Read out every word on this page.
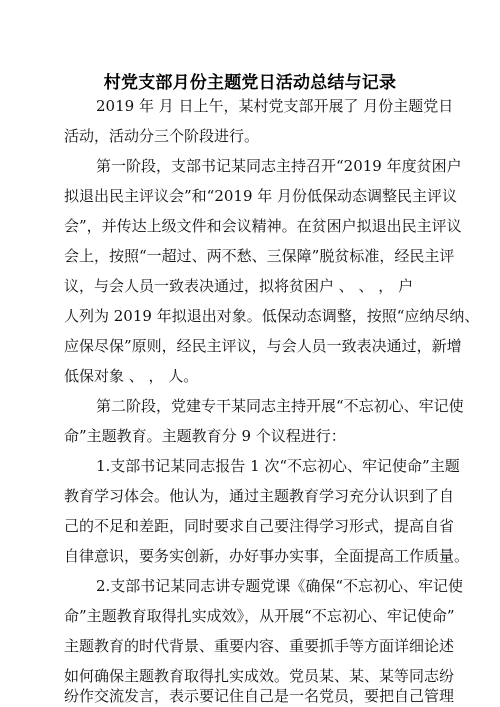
村党支部月份主题党日活动总结与记录
2019 年 月 日上午，某村党支部开展了 月份主题党日
活动，活动分三个阶段进行。
第一阶段，支部书记某同志主持召开“2019 年度贫困户
拟退出民主评议会”和“2019 年 月份低保动态调整民主评议
会”，并传达上级文件和会议精神。在贫困户拟退出民主评议
会上，按照“一超过、两不愁、三保障”脱贫标准，经民主评
议，与会人员一致表决通过，拟将贫困户 、 、 ， 户
人列为 2019 年拟退出对象。低保动态调整，按照“应纳尽纳、
应保尽保”原则，经民主评议，与会人员一致表决通过，新增
低保对象 、 ， 人。
第二阶段，党建专干某同志主持开展“不忘初心、牢记使
命”主题教育。主题教育分 9 个议程进行：
1.支部书记某同志报告 1 次“不忘初心、牢记使命”主题
教育学习体会。他认为，通过主题教育学习充分认识到了自
己的不足和差距，同时要求自己要注得学习形式，提高自省
自律意识，要务实创新，办好事办实事，全面提高工作质量。
2.支部书记某同志讲专题党课《确保“不忘初心、牢记使
命”主题教育取得扎实成效》，从开展“不忘初心、牢记使命”
主题教育的时代背景、重要内容、重要抓手等方面详细论述
如何确保主题教育取得扎实成效。党员某、某、某等同志纷
纷作交流发言，表示要记住自己是一名党员，要把自己管理
